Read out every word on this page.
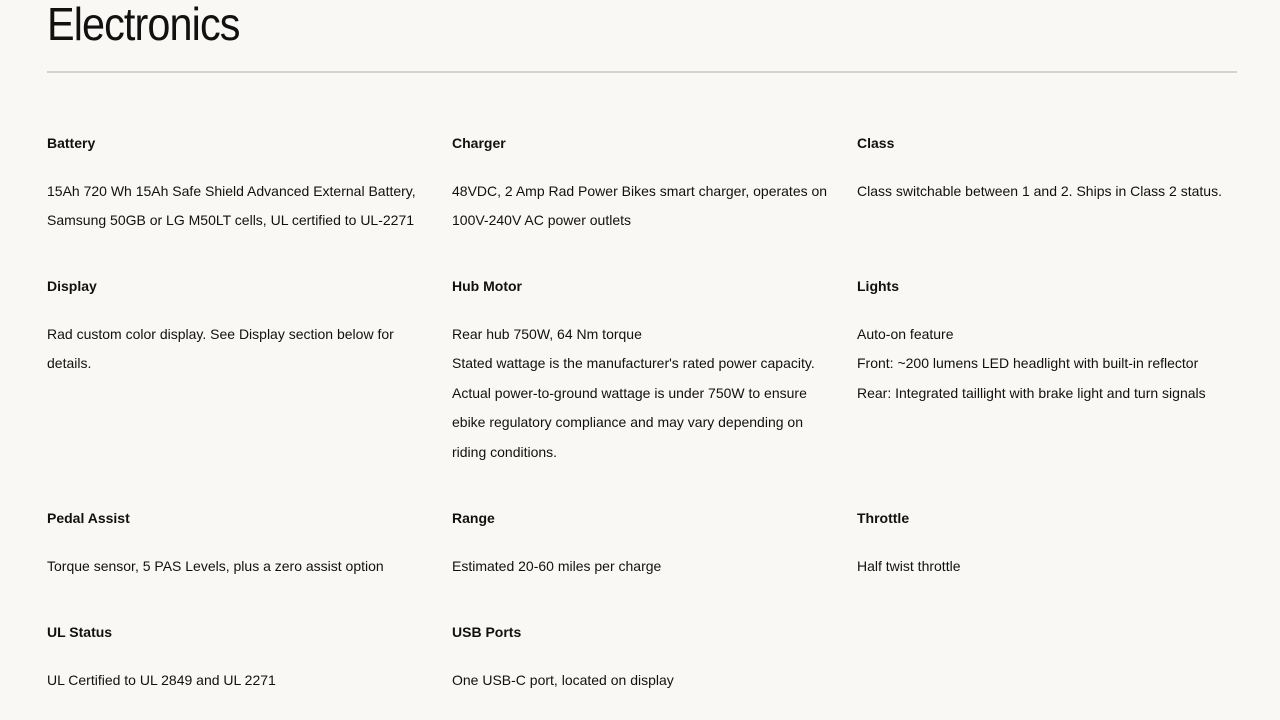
Electronics

Battery

15Ah 720 Wh 15Ah Safe Shield Advanced External Battery, Samsung 50GB or LG M50LT cells, UL certified to UL-2271

Charger

48VDC, 2 Amp Rad Power Bikes smart charger, operates on 100V-240V AC power outlets

Class

Class switchable between 1 and 2. Ships in Class 2 status.

Display

Rad custom color display. See Display section below for details.

Hub Motor

Rear hub 750W, 64 Nm torque
Stated wattage is the manufacturer's rated power capacity. Actual power-to-ground wattage is under 750W to ensure ebike regulatory compliance and may vary depending on riding conditions.

Lights

Auto-on feature
Front: ~200 lumens LED headlight with built-in reflector
Rear: Integrated taillight with brake light and turn signals

Pedal Assist

Torque sensor, 5 PAS Levels, plus a zero assist option

Range

Estimated 20-60 miles per charge

Throttle

Half twist throttle

UL Status

UL Certified to UL 2849 and UL 2271

USB Ports

One USB-C port, located on display
